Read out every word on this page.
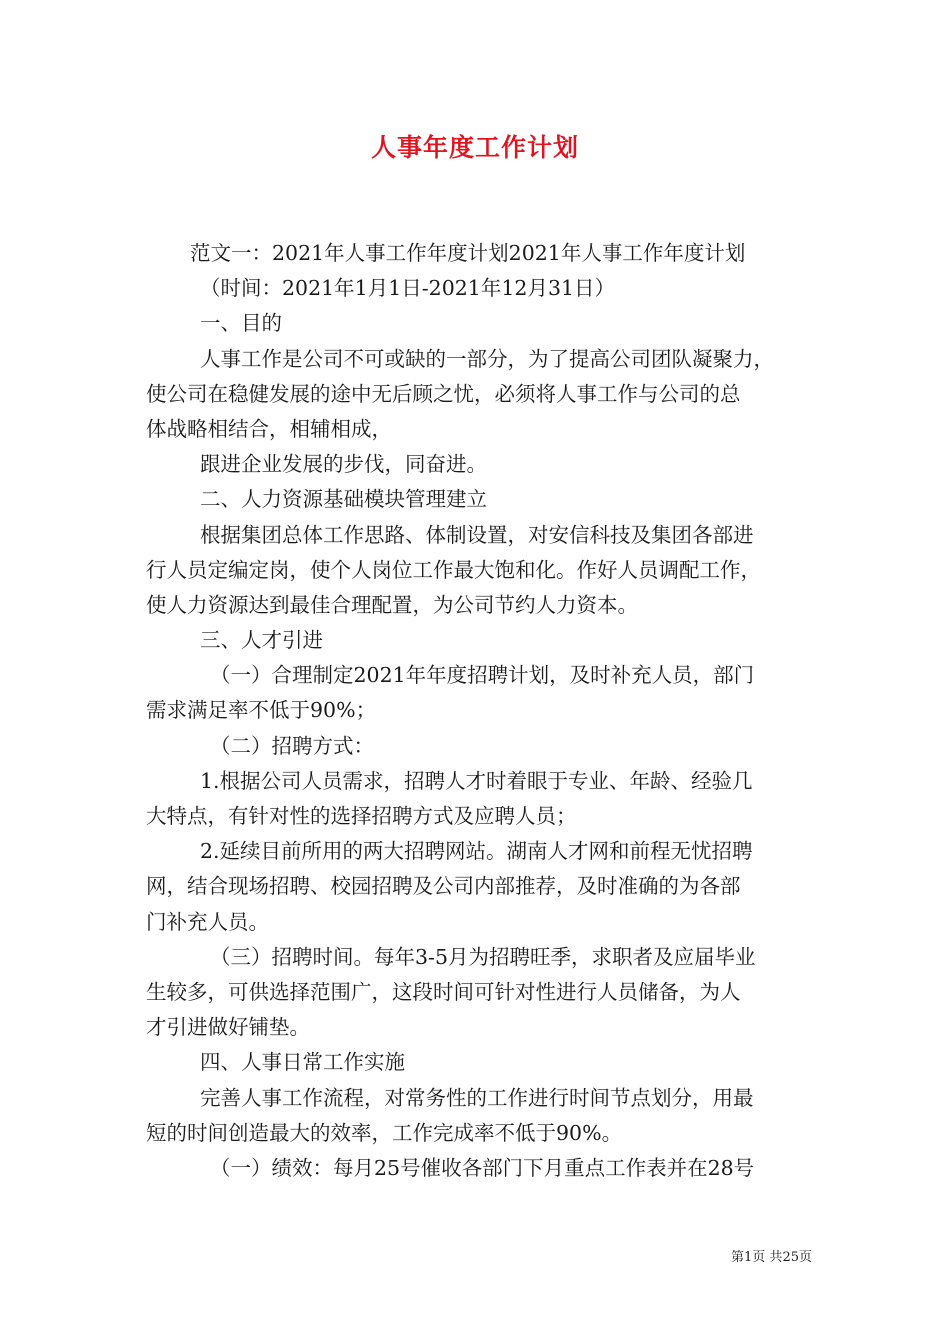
人事年度工作计划
范文一：2021年人事工作年度计划2021年人事工作年度计划
（时间：2021年1月1日-2021年12月31日）
一、目的
人事工作是公司不可或缺的一部分，为了提高公司团队凝聚力，
使公司在稳健发展的途中无后顾之忧，必须将人事工作与公司的总
体战略相结合，相辅相成，
跟进企业发展的步伐，同奋进。
二、人力资源基础模块管理建立
根据集团总体工作思路、体制设置，对安信科技及集团各部进
行人员定编定岗，使个人岗位工作最大饱和化。作好人员调配工作，
使人力资源达到最佳合理配置，为公司节约人力资本。
三、人才引进
（一）合理制定2021年年度招聘计划，及时补充人员，部门
需求满足率不低于90%；
（二）招聘方式：
1.根据公司人员需求，招聘人才时着眼于专业、年龄、经验几
大特点，有针对性的选择招聘方式及应聘人员；
2.延续目前所用的两大招聘网站。湖南人才网和前程无忧招聘
网，结合现场招聘、校园招聘及公司内部推荐，及时准确的为各部
门补充人员。
（三）招聘时间。每年3-5月为招聘旺季，求职者及应届毕业
生较多，可供选择范围广，这段时间可针对性进行人员储备，为人
才引进做好铺垫。
四、人事日常工作实施
完善人事工作流程，对常务性的工作进行时间节点划分，用最
短的时间创造最大的效率，工作完成率不低于90%。
（一）绩效：每月25号催收各部门下月重点工作表并在28号
第1页 共25页
